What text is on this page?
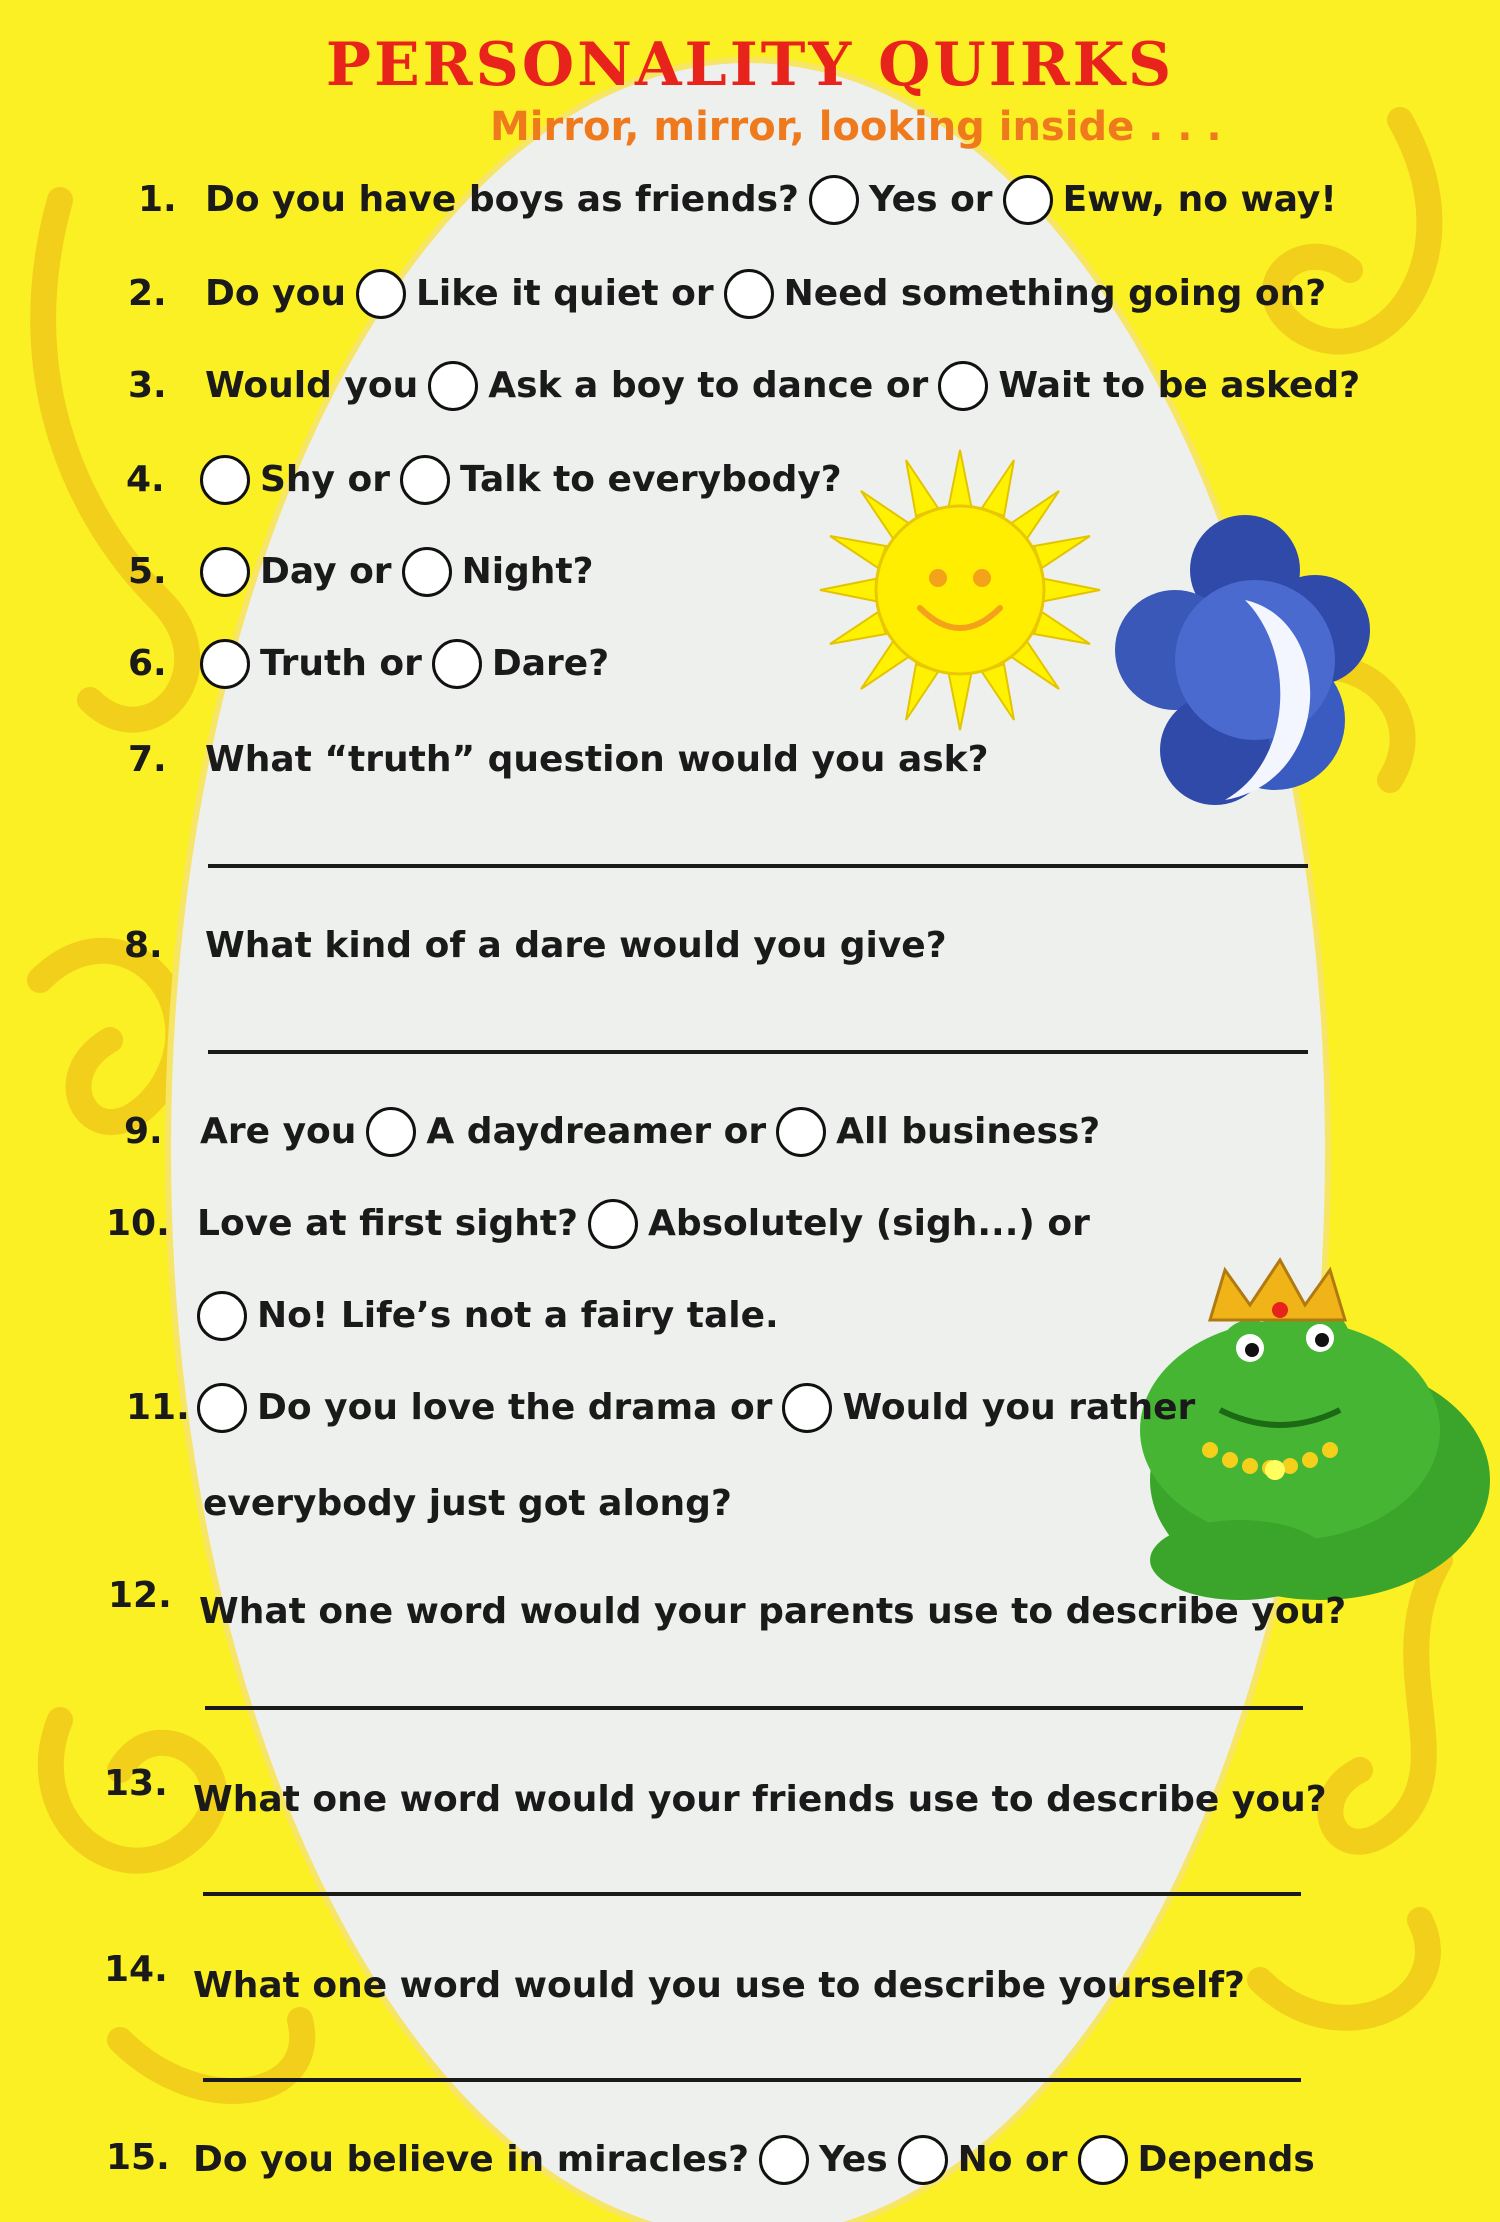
PERSONALITY QUIRKS
Mirror, mirror, looking inside . . .
1. Do you have boys as friends? Yes or Eww, no way!
2. Do you Like it quiet or Need something going on?
3. Would you Ask a boy to dance or Wait to be asked?
4.	Shy or Talk to everybody?
5.	Day or Night?
6.	Truth or Dare?
7. What “truth” question would you ask?
8. What kind of a dare would you give?
9. Are you A daydreamer or All business?
10. Love at first sight? Absolutely (sigh...) or
No! Life’s not a fairy tale.
11. Do you love the drama or Would you rather
everybody just got along?
12. What one word would your parents use to describe you?
13. What one word would your friends use to describe you?
14. What one word would you use to describe yourself?
15. Do you believe in miracles? Yes No or Depends
